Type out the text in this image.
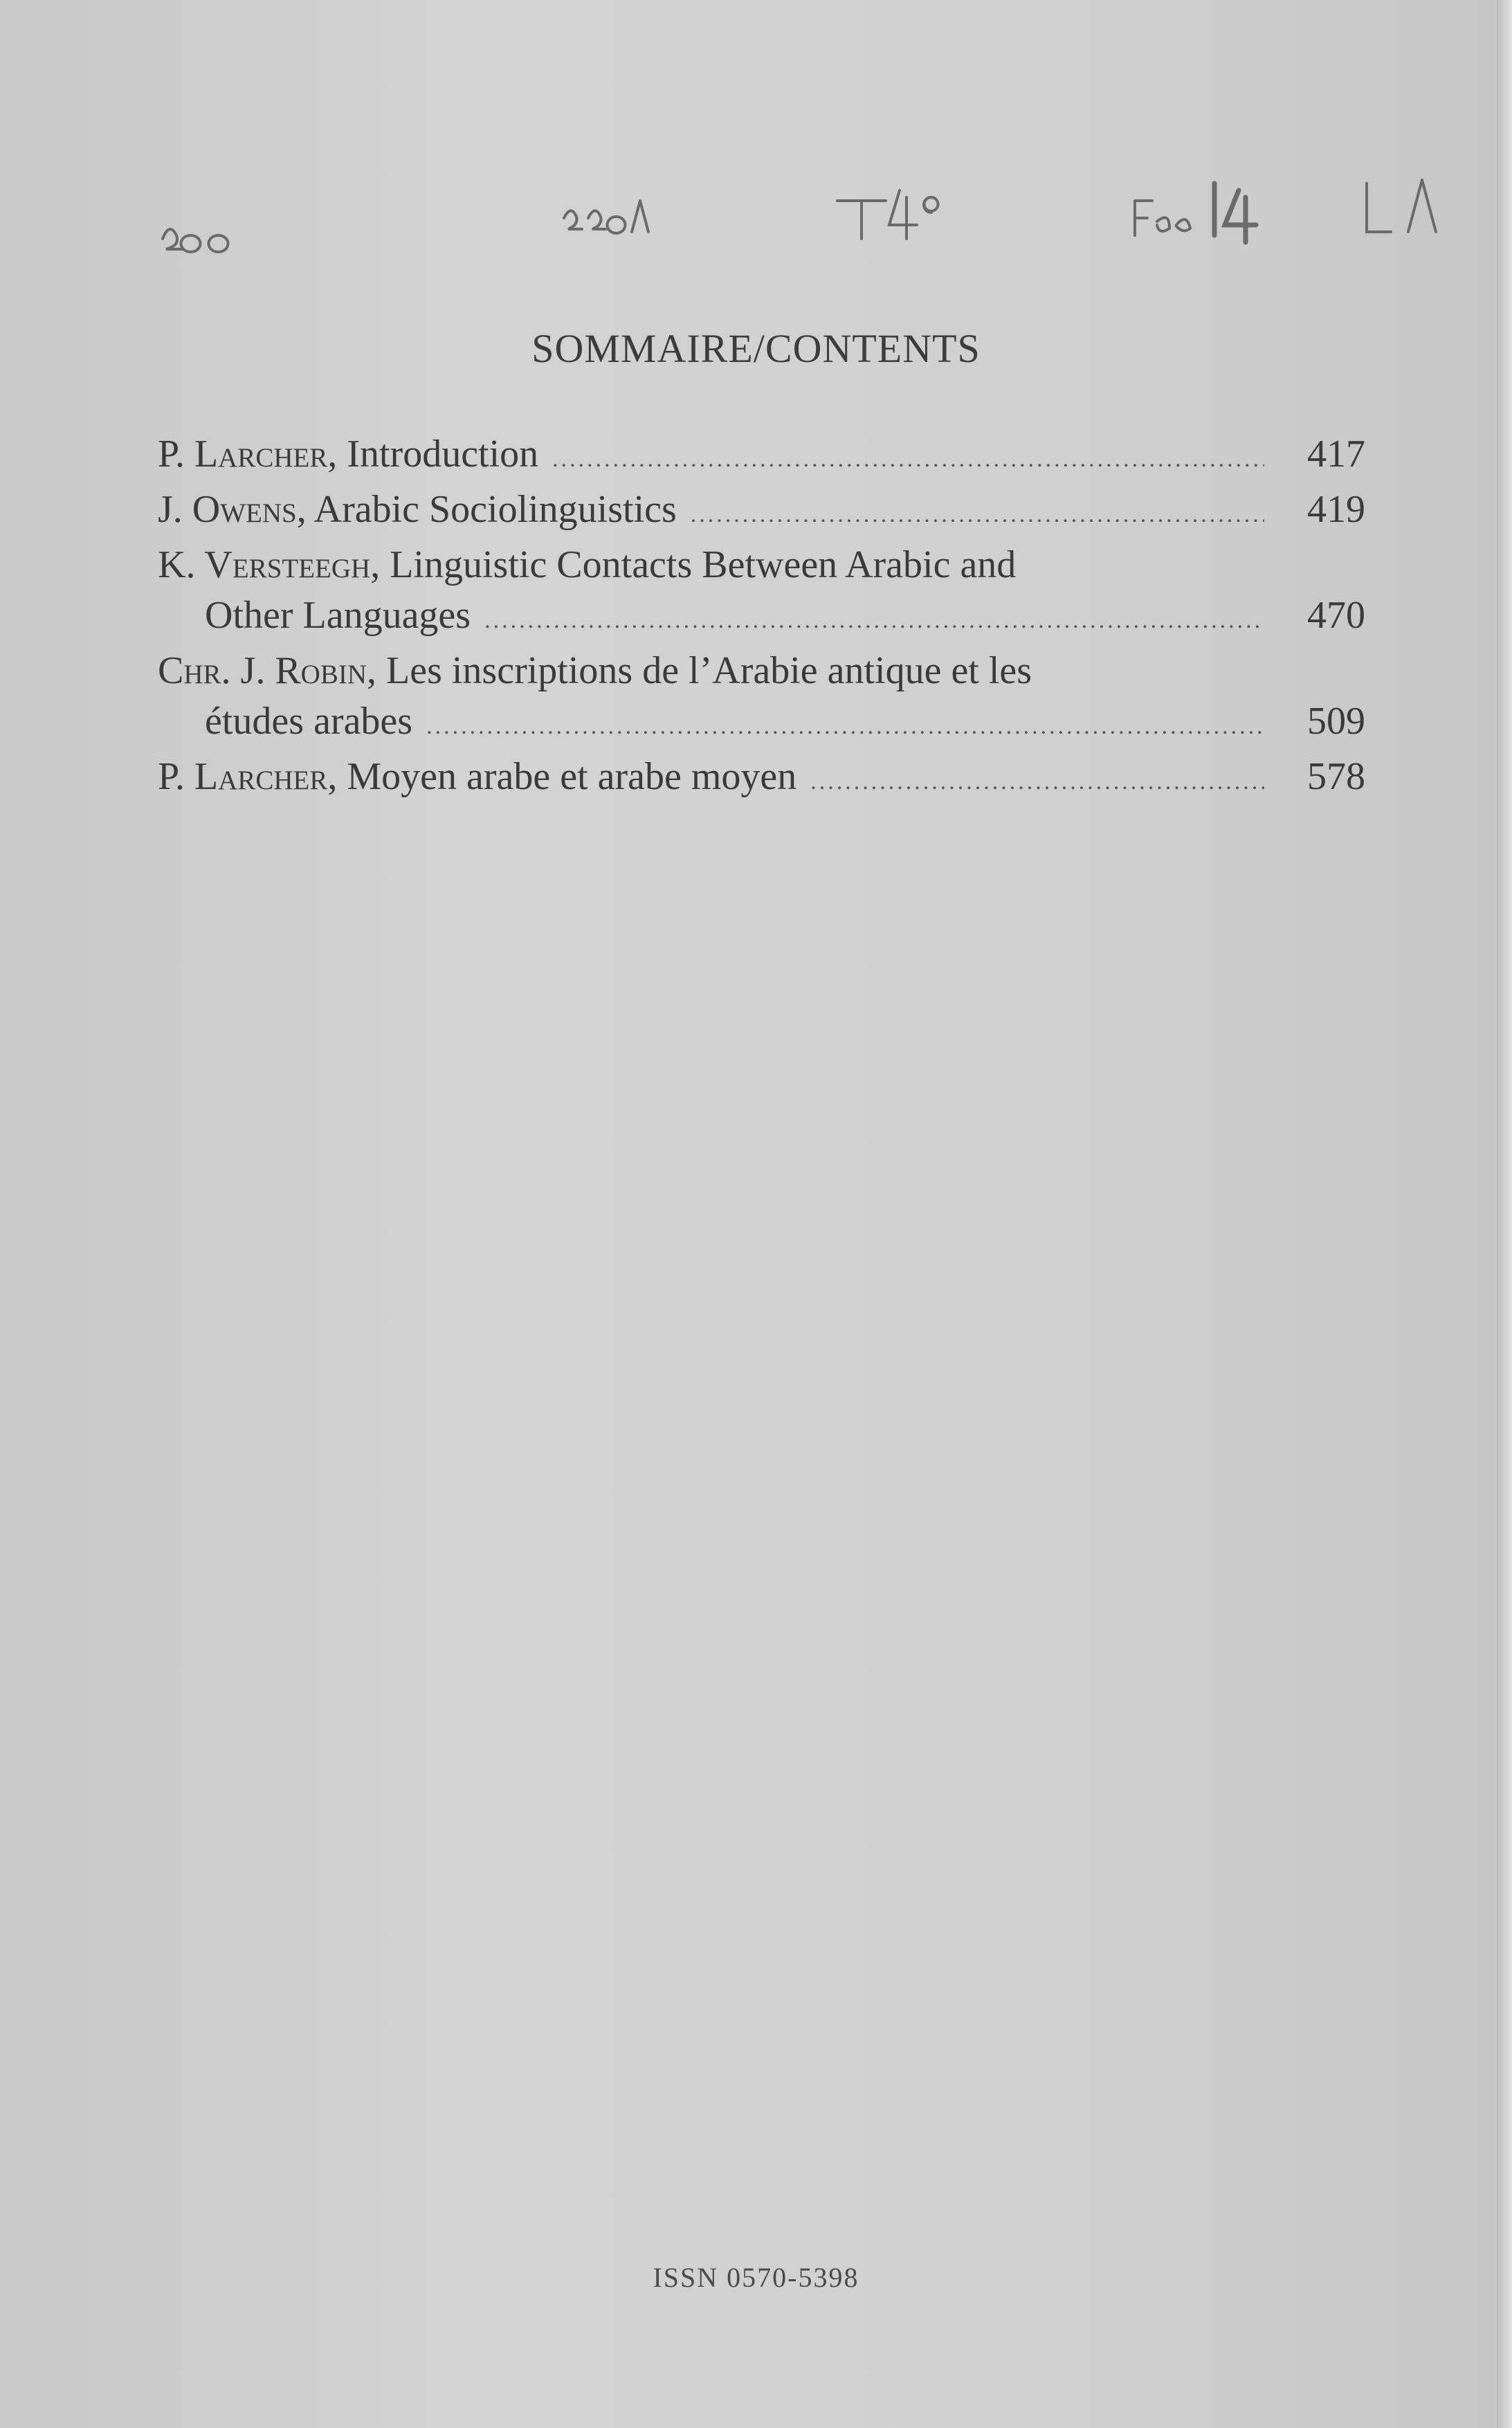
SOMMAIRE/CONTENTS
P. Larcher, Introduction .....	417
J. Owens, Arabic Sociolinguistics .....	419
K. Versteegh, Linguistic Contacts Between Arabic and
Other Languages .....	470
Chr. J. Robin, Les inscriptions de l’Arabie antique et les
études arabes .....	509
P. Larcher, Moyen arabe et arabe moyen .....	578
ISSN 0570-5398
